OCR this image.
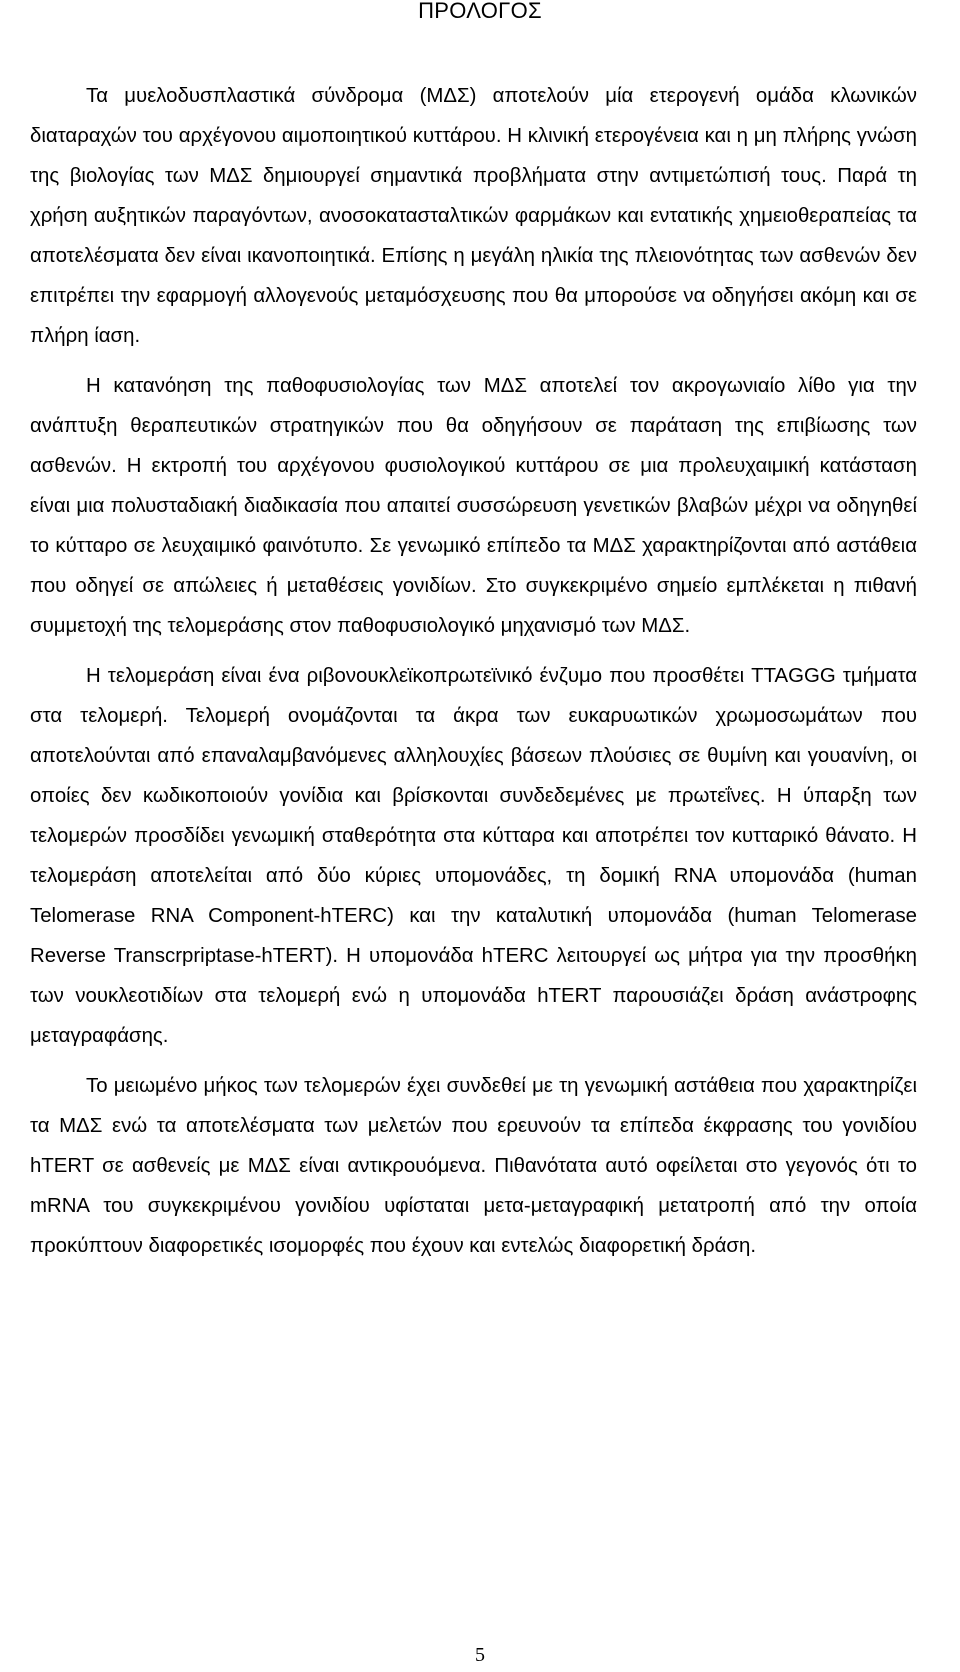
ΠΡΟΛΟΓΟΣ

Τα μυελοδυσπλαστικά σύνδρομα (ΜΔΣ) αποτελούν μία ετερογενή ομάδα κλωνικών διαταραχών του αρχέγονου αιμοποιητικού κυττάρου. Η κλινική ετερογένεια και η μη πλήρης γνώση της βιολογίας των ΜΔΣ δημιουργεί σημαντικά προβλήματα στην αντιμετώπισή τους. Παρά τη χρήση αυξητικών παραγόντων, ανοσοκατασταλτικών φαρμάκων και εντατικής χημειοθεραπείας τα αποτελέσματα δεν είναι ικανοποιητικά. Επίσης η μεγάλη ηλικία της πλειονότητας των ασθενών δεν επιτρέπει την εφαρμογή αλλογενούς μεταμόσχευσης που θα μπορούσε να οδηγήσει ακόμη και σε πλήρη ίαση.

Η κατανόηση της παθοφυσιολογίας των ΜΔΣ αποτελεί τον ακρογωνιαίο λίθο για την ανάπτυξη θεραπευτικών στρατηγικών που θα οδηγήσουν σε παράταση της επιβίωσης των ασθενών. Η εκτροπή του αρχέγονου φυσιολογικού κυττάρου σε μια προλευχαιμική κατάσταση είναι μια πολυσταδιακή διαδικασία που απαιτεί συσσώρευση γενετικών βλαβών μέχρι να οδηγηθεί το κύτταρο σε λευχαιμικό φαινότυπο. Σε γενωμικό επίπεδο τα ΜΔΣ χαρακτηρίζονται από αστάθεια που οδηγεί σε απώλειες ή μεταθέσεις γονιδίων. Στο συγκεκριμένο σημείο εμπλέκεται η πιθανή συμμετοχή της τελομεράσης στον παθοφυσιολογικό μηχανισμό των ΜΔΣ.

Η τελομεράση είναι ένα ριβονουκλεϊκοπρωτεϊνικό ένζυμο που προσθέτει TTAGGG τμήματα στα τελομερή. Τελομερή ονομάζονται τα άκρα των ευκαρυωτικών χρωμοσωμάτων που αποτελούνται από επαναλαμβανόμενες αλληλουχίες βάσεων πλούσιες σε θυμίνη και γουανίνη, οι οποίες δεν κωδικοποιούν γονίδια και βρίσκονται συνδεδεμένες με πρωτεΐνες. Η ύπαρξη των τελομερών προσδίδει γενωμική σταθερότητα στα κύτταρα και αποτρέπει τον κυτταρικό θάνατο. Η τελομεράση αποτελείται από δύο κύριες υπομονάδες, τη δομική RNA υπομονάδα (human Telomerase RNA Component-hTERC) και την καταλυτική υπομονάδα (human Telomerase Reverse Transcrpriptase-hTERT). Η υπομονάδα hTERC λειτουργεί ως μήτρα για την προσθήκη των νουκλεοτιδίων στα τελομερή ενώ η υπομονάδα hTERT παρουσιάζει δράση ανάστροφης μεταγραφάσης.

Το μειωμένο μήκος των τελομερών έχει συνδεθεί με τη γενωμική αστάθεια που χαρακτηρίζει τα ΜΔΣ ενώ τα αποτελέσματα των μελετών που ερευνούν τα επίπεδα έκφρασης του γονιδίου hTERT σε ασθενείς με ΜΔΣ είναι αντικρουόμενα. Πιθανότατα αυτό οφείλεται στο γεγονός ότι το mRNA του συγκεκριμένου γονιδίου υφίσταται μετα-μεταγραφική μετατροπή από την οποία προκύπτουν διαφορετικές ισομορφές που έχουν και εντελώς διαφορετική δράση.

5
